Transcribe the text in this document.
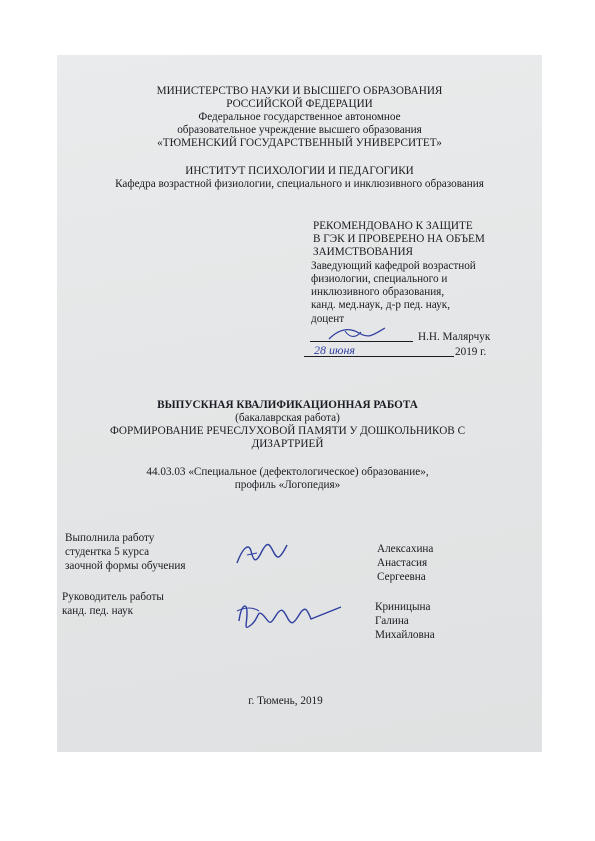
МИНИСТЕРСТВО НАУКИ И ВЫСШЕГО ОБРАЗОВАНИЯ
РОССИЙСКОЙ ФЕДЕРАЦИИ
Федеральное государственное автономное
образовательное учреждение высшего образования
«ТЮМЕНСКИЙ ГОСУДАРСТВЕННЫЙ УНИВЕРСИТЕТ»
ИНСТИТУТ ПСИХОЛОГИИ И ПЕДАГОГИКИ
Кафедра возрастной физиологии, специального и инклюзивного образования
РЕКОМЕНДОВАНО К ЗАЩИТЕ
В ГЭК И ПРОВЕРЕНО НА ОБЪЕМ
ЗАИМСТВОВАНИЯ
Заведующий кафедрой возрастной
физиологии, специального и
инклюзивного образования,
канд. мед.наук, д-р пед. наук,
доцент
Н.Н. Малярчук
28 июня	2019 г.
ВЫПУСКНАЯ КВАЛИФИКАЦИОННАЯ РАБОТА
(бакалаврская работа)
ФОРМИРОВАНИЕ РЕЧЕСЛУХОВОЙ ПАМЯТИ У ДОШКОЛЬНИКОВ С
ДИЗАРТРИЕЙ
44.03.03 «Специальное (дефектологическое) образование»,
профиль «Логопедия»
Выполнила работу
студентка 5 курса
заочной формы обучения
Алексахина
Анастасия
Сергеевна
Руководитель работы
канд. пед. наук	Криницына
Галина
Михайловна
г. Тюмень, 2019
